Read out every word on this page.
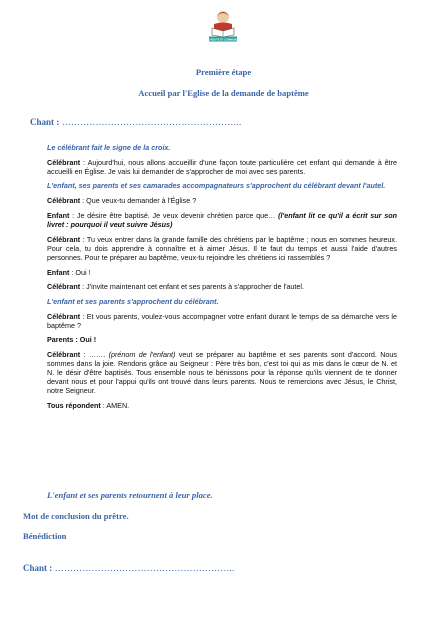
EN ROUTE ET CONNAISSE
Première étape
Accueil par l'Eglise de la demande de baptême
Chant : …………………………………………………..

Le célébrant fait le signe de la croix.

Célébrant : Aujourd'hui, nous allons accueillir d'une façon toute particulière cet enfant qui demande à être accueilli en Église. Je vais lui demander de s'approcher de moi avec ses parents.

L'enfant, ses parents et ses camarades accompagnateurs s'approchent du célébrant devant l'autel.

Célébrant : Que veux-tu demander à l'Église ?

Enfant : Je désire être baptisé. Je veux devenir chrétien parce que… (l'enfant lit ce qu'il a écrit sur son livret : pourquoi il veut suivre Jésus)

Célébrant : Tu veux entrer dans la grande famille des chrétiens par le baptême ; nous en sommes heureux. Pour cela, tu dois apprendre à connaître et à aimer Jésus. Il te faut du temps et aussi l'aide d'autres personnes. Pour te préparer au baptême, veux-tu rejoindre les chrétiens ici rassemblés ?

Enfant : Oui !

Célébrant : J'invite maintenant cet enfant et ses parents à s'approcher de l'autel.

L'enfant et ses parents s'approchent du célébrant.

Célébrant : Et vous parents, voulez-vous accompagner votre enfant durant le temps de sa démarche vers le baptême ?

Parents : Oui !

Célébrant : ……. (prénom de l'enfant) veut se préparer au baptême et ses parents sont d'accord. Nous sommes dans la joie. Rendons grâce au Seigneur : Père très bon, c'est toi qui as mis dans le cœur de N. et N. le désir d'être baptisés. Tous ensemble nous te bénissons pour la réponse qu'ils viennent de te donner devant nous et pour l'appui qu'ils ont trouvé dans leurs parents. Nous te remercions avec Jésus, le Christ, notre Seigneur.

Tous répondent : AMEN.

L'enfant et ses parents retournent à leur place.
Mot de conclusion du prêtre.
Bénédiction
Chant : …………………………………………………..
